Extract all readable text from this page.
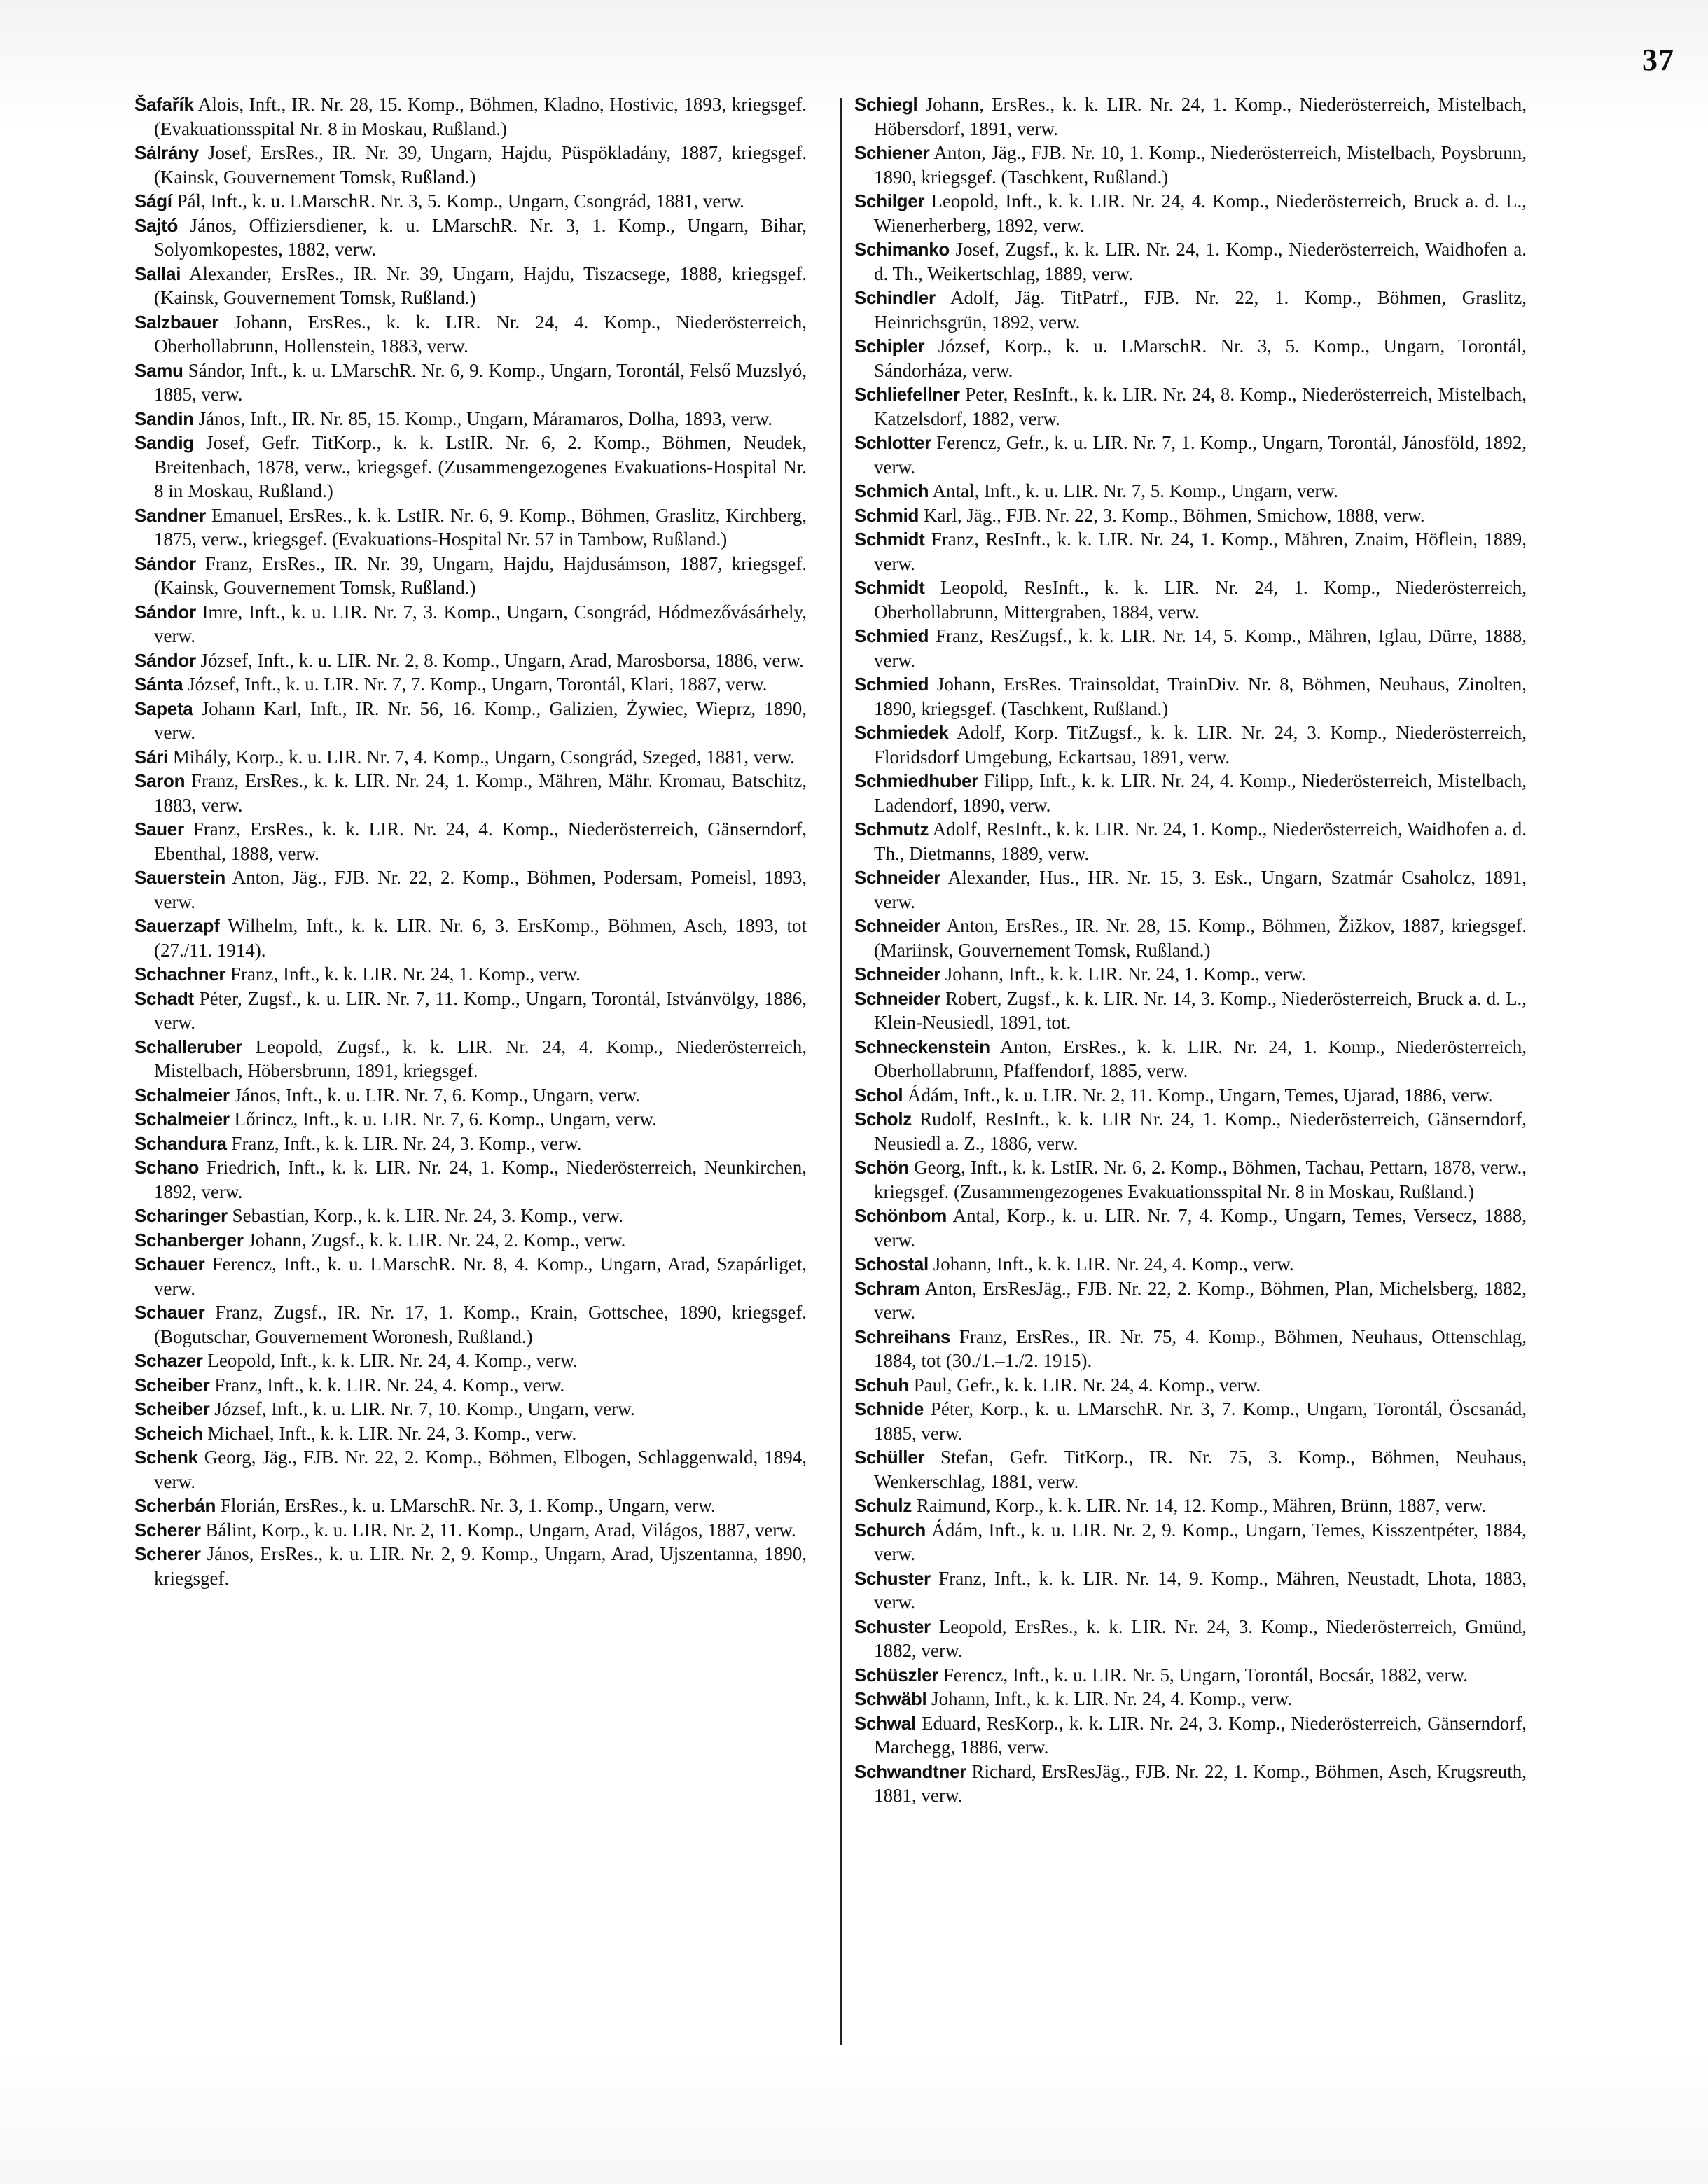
37

Šafařík Alois, Inft., IR. Nr. 28, 15. Komp., Böhmen, Kladno, Hostivic, 1893, kriegsgef. (Evakuationsspital Nr. 8 in Moskau, Rußland.)

Sálrány Josef, ErsRes., IR. Nr. 39, Ungarn, Hajdu, Püspökladány, 1887, kriegsgef. (Kainsk, Gouvernement Tomsk, Rußland.)

Ságí Pál, Inft., k. u. LMarschR. Nr. 3, 5. Komp., Ungarn, Csongrád, 1881, verw.

Sajtó János, Offiziersdiener, k. u. LMarschR. Nr. 3, 1. Komp., Ungarn, Bihar, Solyomkopestes, 1882, verw.

Sallai Alexander, ErsRes., IR. Nr. 39, Ungarn, Hajdu, Tiszacsege, 1888, kriegsgef. (Kainsk, Gouvernement Tomsk, Rußland.)

Salzbauer Johann, ErsRes., k. k. LIR. Nr. 24, 4. Komp., Niederösterreich, Oberhollabrunn, Hollenstein, 1883, verw.

Samu Sándor, Inft., k. u. LMarschR. Nr. 6, 9. Komp., Ungarn, Torontál, Felső Muzslyó, 1885, verw.

Sandin János, Inft., IR. Nr. 85, 15. Komp., Ungarn, Máramaros, Dolha, 1893, verw.

Sandig Josef, Gefr. TitKorp., k. k. LstIR. Nr. 6, 2. Komp., Böhmen, Neudek, Breitenbach, 1878, verw., kriegsgef. (Zusammengezogenes Evakuations-Hospital Nr. 8 in Moskau, Rußland.)

Sandner Emanuel, ErsRes., k. k. LstIR. Nr. 6, 9. Komp., Böhmen, Graslitz, Kirchberg, 1875, verw., kriegsgef. (Evakuations-Hospital Nr. 57 in Tambow, Rußland.)

Sándor Franz, ErsRes., IR. Nr. 39, Ungarn, Hajdu, Hajdusámson, 1887, kriegsgef. (Kainsk, Gouvernement Tomsk, Rußland.)

Sándor Imre, Inft., k. u. LIR. Nr. 7, 3. Komp., Ungarn, Csongrád, Hódmezővásárhely, verw.

Sándor József, Inft., k. u. LIR. Nr. 2, 8. Komp., Ungarn, Arad, Marosborsa, 1886, verw.

Sánta József, Inft., k. u. LIR. Nr. 7, 7. Komp., Ungarn, Torontál, Klari, 1887, verw.

Sapeta Johann Karl, Inft., IR. Nr. 56, 16. Komp., Galizien, Żywiec, Wieprz, 1890, verw.

Sári Mihály, Korp., k. u. LIR. Nr. 7, 4. Komp., Ungarn, Csongrád, Szeged, 1881, verw.

Saron Franz, ErsRes., k. k. LIR. Nr. 24, 1. Komp., Mähren, Mähr. Kromau, Batschitz, 1883, verw.

Sauer Franz, ErsRes., k. k. LIR. Nr. 24, 4. Komp., Niederösterreich, Gänserndorf, Ebenthal, 1888, verw.

Sauerstein Anton, Jäg., FJB. Nr. 22, 2. Komp., Böhmen, Podersam, Pomeisl, 1893, verw.

Sauerzapf Wilhelm, Inft., k. k. LIR. Nr. 6, 3. ErsKomp., Böhmen, Asch, 1893, tot (27./11. 1914).

Schachner Franz, Inft., k. k. LIR. Nr. 24, 1. Komp., verw.

Schadt Péter, Zugsf., k. u. LIR. Nr. 7, 11. Komp., Ungarn, Torontál, Istvánvölgy, 1886, verw.

Schalleruber Leopold, Zugsf., k. k. LIR. Nr. 24, 4. Komp., Niederösterreich, Mistelbach, Höbersbrunn, 1891, kriegsgef.

Schalmeier János, Inft., k. u. LIR. Nr. 7, 6. Komp., Ungarn, verw.

Schalmeier Lőrincz, Inft., k. u. LIR. Nr. 7, 6. Komp., Ungarn, verw.

Schandura Franz, Inft., k. k. LIR. Nr. 24, 3. Komp., verw.

Schano Friedrich, Inft., k. k. LIR. Nr. 24, 1. Komp., Niederösterreich, Neunkirchen, 1892, verw.

Scharinger Sebastian, Korp., k. k. LIR. Nr. 24, 3. Komp., verw.

Schanberger Johann, Zugsf., k. k. LIR. Nr. 24, 2. Komp., verw.

Schauer Ferencz, Inft., k. u. LMarschR. Nr. 8, 4. Komp., Ungarn, Arad, Szapárliget, verw.

Schauer Franz, Zugsf., IR. Nr. 17, 1. Komp., Krain, Gottschee, 1890, kriegsgef. (Bogutschar, Gouvernement Woronesh, Rußland.)

Schazer Leopold, Inft., k. k. LIR. Nr. 24, 4. Komp., verw.

Scheiber Franz, Inft., k. k. LIR. Nr. 24, 4. Komp., verw.

Scheiber József, Inft., k. u. LIR. Nr. 7, 10. Komp., Ungarn, verw.

Scheich Michael, Inft., k. k. LIR. Nr. 24, 3. Komp., verw.

Schenk Georg, Jäg., FJB. Nr. 22, 2. Komp., Böhmen, Elbogen, Schlaggenwald, 1894, verw.

Scherbán Florián, ErsRes., k. u. LMarschR. Nr. 3, 1. Komp., Ungarn, verw.

Scherer Bálint, Korp., k. u. LIR. Nr. 2, 11. Komp., Ungarn, Arad, Világos, 1887, verw.

Scherer János, ErsRes., k. u. LIR. Nr. 2, 9. Komp., Ungarn, Arad, Ujszentanna, 1890, kriegsgef.

Schiegl Johann, ErsRes., k. k. LIR. Nr. 24, 1. Komp., Niederösterreich, Mistelbach, Höbersdorf, 1891, verw.

Schiener Anton, Jäg., FJB. Nr. 10, 1. Komp., Niederösterreich, Mistelbach, Poysbrunn, 1890, kriegsgef. (Taschkent, Rußland.)

Schilger Leopold, Inft., k. k. LIR. Nr. 24, 4. Komp., Niederösterreich, Bruck a. d. L., Wienerherberg, 1892, verw.

Schimanko Josef, Zugsf., k. k. LIR. Nr. 24, 1. Komp., Niederösterreich, Waidhofen a. d. Th., Weikertschlag, 1889, verw.

Schindler Adolf, Jäg. TitPatrf., FJB. Nr. 22, 1. Komp., Böhmen, Graslitz, Heinrichsgrün, 1892, verw.

Schipler József, Korp., k. u. LMarschR. Nr. 3, 5. Komp., Ungarn, Torontál, Sándorháza, verw.

Schliefellner Peter, ResInft., k. k. LIR. Nr. 24, 8. Komp., Niederösterreich, Mistelbach, Katzelsdorf, 1882, verw.

Schlotter Ferencz, Gefr., k. u. LIR. Nr. 7, 1. Komp., Ungarn, Torontál, Jánosföld, 1892, verw.

Schmich Antal, Inft., k. u. LIR. Nr. 7, 5. Komp., Ungarn, verw.

Schmid Karl, Jäg., FJB. Nr. 22, 3. Komp., Böhmen, Smichow, 1888, verw.

Schmidt Franz, ResInft., k. k. LIR. Nr. 24, 1. Komp., Mähren, Znaim, Höflein, 1889, verw.

Schmidt Leopold, ResInft., k. k. LIR. Nr. 24, 1. Komp., Niederösterreich, Oberhollabrunn, Mittergraben, 1884, verw.

Schmied Franz, ResZugsf., k. k. LIR. Nr. 14, 5. Komp., Mähren, Iglau, Dürre, 1888, verw.

Schmied Johann, ErsRes. Trainsoldat, TrainDiv. Nr. 8, Böhmen, Neuhaus, Zinolten, 1890, kriegsgef. (Taschkent, Rußland.)

Schmiedek Adolf, Korp. TitZugsf., k. k. LIR. Nr. 24, 3. Komp., Niederösterreich, Floridsdorf Umgebung, Eckartsau, 1891, verw.

Schmiedhuber Filipp, Inft., k. k. LIR. Nr. 24, 4. Komp., Niederösterreich, Mistelbach, Ladendorf, 1890, verw.

Schmutz Adolf, ResInft., k. k. LIR. Nr. 24, 1. Komp., Niederösterreich, Waidhofen a. d. Th., Dietmanns, 1889, verw.

Schneider Alexander, Hus., HR. Nr. 15, 3. Esk., Ungarn, Szatmár Csaholcz, 1891, verw.

Schneider Anton, ErsRes., IR. Nr. 28, 15. Komp., Böhmen, Žižkov, 1887, kriegsgef. (Mariinsk, Gouvernement Tomsk, Rußland.)

Schneider Johann, Inft., k. k. LIR. Nr. 24, 1. Komp., verw.

Schneider Robert, Zugsf., k. k. LIR. Nr. 14, 3. Komp., Niederösterreich, Bruck a. d. L., Klein-Neusiedl, 1891, tot.

Schneckenstein Anton, ErsRes., k. k. LIR. Nr. 24, 1. Komp., Niederösterreich, Oberhollabrunn, Pfaffendorf, 1885, verw.

Schol Ádám, Inft., k. u. LIR. Nr. 2, 11. Komp., Ungarn, Temes, Ujarad, 1886, verw.

Scholz Rudolf, ResInft., k. k. LIR Nr. 24, 1. Komp., Niederösterreich, Gänserndorf, Neusiedl a. Z., 1886, verw.

Schön Georg, Inft., k. k. LstIR. Nr. 6, 2. Komp., Böhmen, Tachau, Pettarn, 1878, verw., kriegsgef. (Zusammengezogenes Evakuationsspital Nr. 8 in Moskau, Rußland.)

Schönbom Antal, Korp., k. u. LIR. Nr. 7, 4. Komp., Ungarn, Temes, Versecz, 1888, verw.

Schostal Johann, Inft., k. k. LIR. Nr. 24, 4. Komp., verw.

Schram Anton, ErsResJäg., FJB. Nr. 22, 2. Komp., Böhmen, Plan, Michelsberg, 1882, verw.

Schreihans Franz, ErsRes., IR. Nr. 75, 4. Komp., Böhmen, Neuhaus, Ottenschlag, 1884, tot (30./1.–1./2. 1915).

Schuh Paul, Gefr., k. k. LIR. Nr. 24, 4. Komp., verw.

Schnide Péter, Korp., k. u. LMarschR. Nr. 3, 7. Komp., Ungarn, Torontál, Öscsanád, 1885, verw.

Schüller Stefan, Gefr. TitKorp., IR. Nr. 75, 3. Komp., Böhmen, Neuhaus, Wenkerschlag, 1881, verw.

Schulz Raimund, Korp., k. k. LIR. Nr. 14, 12. Komp., Mähren, Brünn, 1887, verw.

Schurch Ádám, Inft., k. u. LIR. Nr. 2, 9. Komp., Ungarn, Temes, Kisszentpéter, 1884, verw.

Schuster Franz, Inft., k. k. LIR. Nr. 14, 9. Komp., Mähren, Neustadt, Lhota, 1883, verw.

Schuster Leopold, ErsRes., k. k. LIR. Nr. 24, 3. Komp., Niederösterreich, Gmünd, 1882, verw.

Schüszler Ferencz, Inft., k. u. LIR. Nr. 5, Ungarn, Torontál, Bocsár, 1882, verw.

Schwäbl Johann, Inft., k. k. LIR. Nr. 24, 4. Komp., verw.

Schwal Eduard, ResKorp., k. k. LIR. Nr. 24, 3. Komp., Niederösterreich, Gänserndorf, Marchegg, 1886, verw.

Schwandtner Richard, ErsResJäg., FJB. Nr. 22, 1. Komp., Böhmen, Asch, Krugsreuth, 1881, verw.
